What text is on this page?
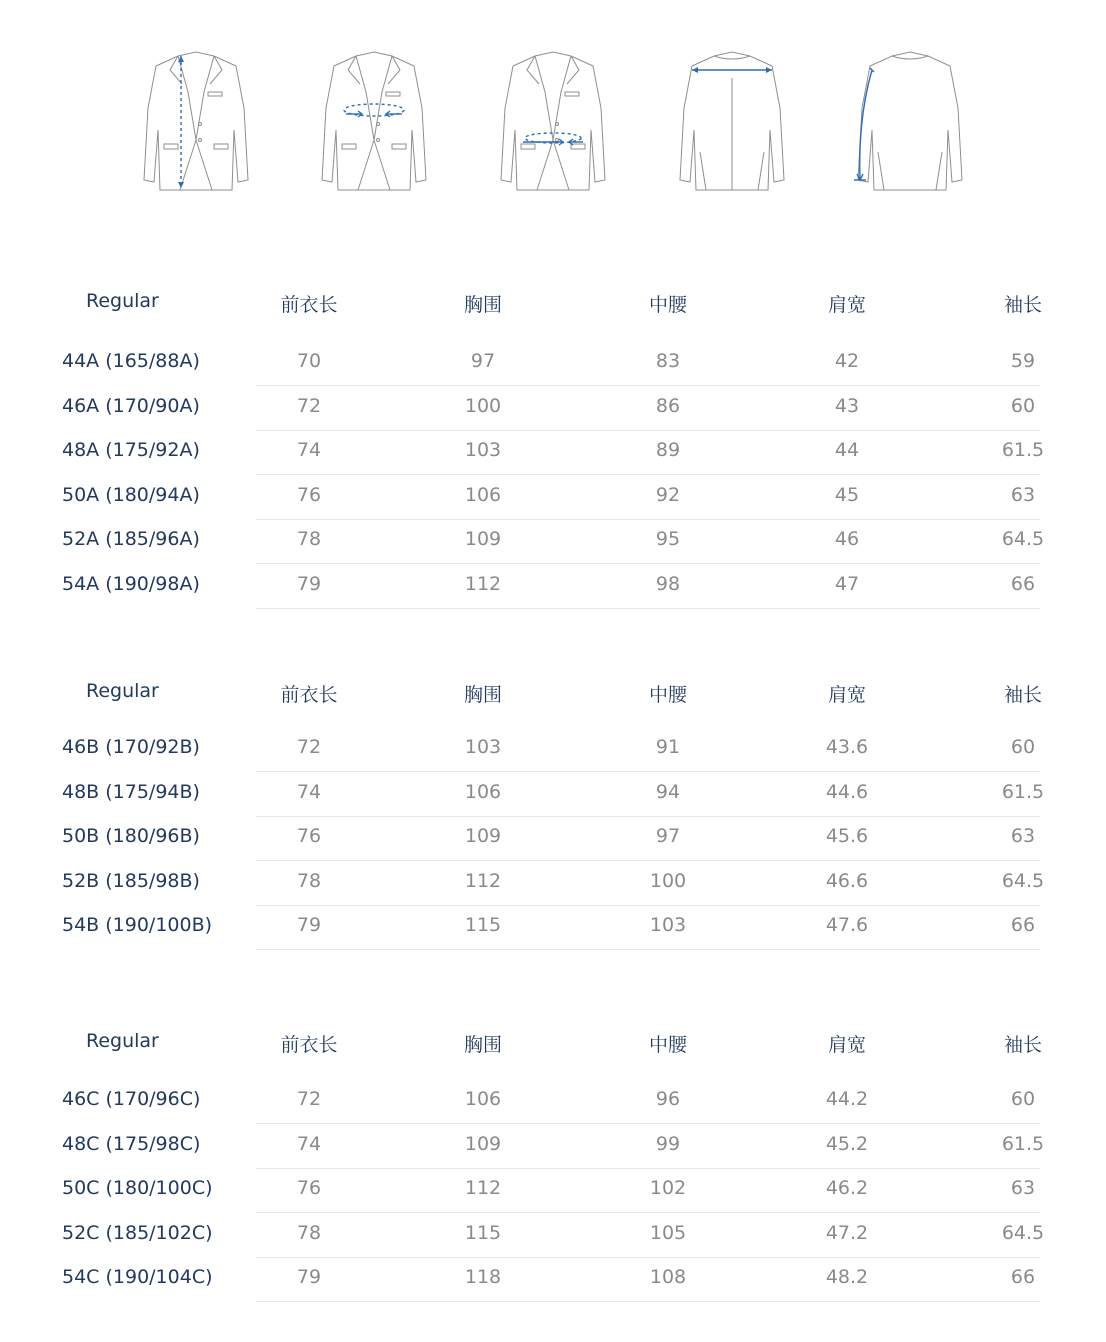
Regular	前衣长	胸围	中腰	肩宽	袖长
44A (165/88A)	70	97	83	42	59
46A (170/90A)	72	100	86	43	60
48A (175/92A)	74	103	89	44	61.5
50A (180/94A)	76	106	92	45	63
52A (185/96A)	78	109	95	46	64.5
54A (190/98A)	79	112	98	47	66
Regular	前衣长	胸围	中腰	肩宽	袖长
46B (170/92B)	72	103	91	43.6	60
48B (175/94B)	74	106	94	44.6	61.5
50B (180/96B)	76	109	97	45.6	63
52B (185/98B)	78	112	100	46.6	64.5
54B (190/100B)	79	115	103	47.6	66
Regular	前衣长	胸围	中腰	肩宽	袖长
46C (170/96C)	72	106	96	44.2	60
48C (175/98C)	74	109	99	45.2	61.5
50C (180/100C)	76	112	102	46.2	63
52C (185/102C)	78	115	105	47.2	64.5
54C (190/104C)	79	118	108	48.2	66
